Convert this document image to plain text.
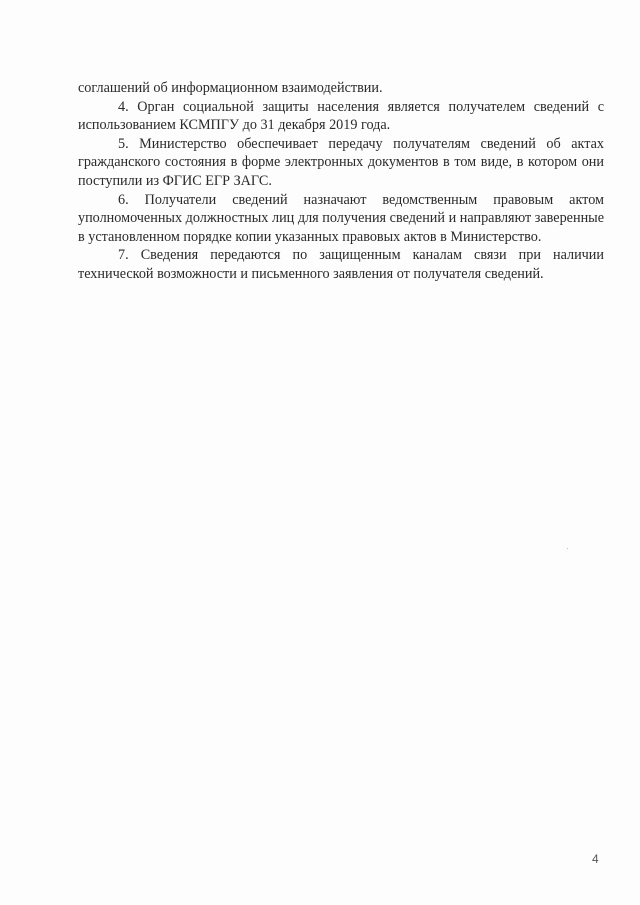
соглашений об информационном взаимодействии.

4. Орган социальной защиты населения является получателем сведений с использованием КСМПГУ до 31 декабря 2019 года.

5. Министерство обеспечивает передачу получателям сведений об актах гражданского состояния в форме электронных документов в том виде, в котором они поступили из ФГИС ЕГР ЗАГС.

6. Получатели сведений назначают ведомственным правовым актом уполномоченных должностных лиц для получения сведений и направляют заверенные в установленном порядке копии указанных правовых актов в Министерство.

7. Сведения передаются по защищенным каналам связи при наличии технической возможности и письменного заявления от получателя сведений.

4
